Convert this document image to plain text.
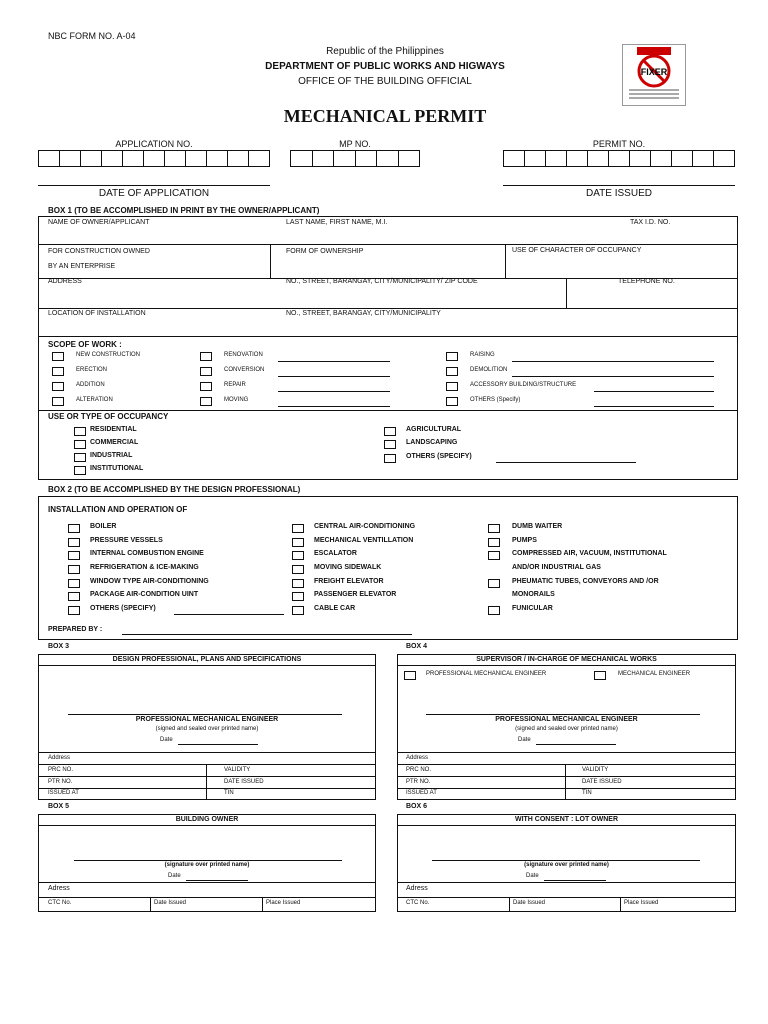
NBC FORM NO. A-04
Republic of the Philippines
DEPARTMENT OF PUBLIC WORKS AND HIGWAYS
OFFICE OF THE BUILDING OFFICIAL
MECHANICAL PERMIT
FIXER
APPLICATION NO.	MP NO.	PERMIT NO.
DATE OF APPLICATION	DATE ISSUED
BOX 1 (TO BE ACCOMPLISHED IN PRINT BY THE OWNER/APPLICANT)
NAME OF OWNER/APPLICANT	LAST NAME, FIRST NAME, M.I.	TAX I.D. NO.
FOR CONSTRUCTION OWNED
BY AN ENTERPRISE
FORM OF OWNERSHIP	USE OF CHARACTER OF OCCUPANCY
ADDRESS	NO., STREET, BARANGAY, CITY/MUNICIPALITY/ ZIP CODE	TELEPHONE NO.
LOCATION OF INSTALLATION	NO., STREET, BARANGAY, CITY/MUNICIPALITY
SCOPE OF WORK :
NEW CONSTRUCTION
ERECTION
ADDITION
ALTERATION
RENOVATION
CONVERSION
REPAIR
MOVING
RAISING
DEMOLITION
ACCESSORY BUILDING/STRUCTURE
OTHERS (Specify)
USE OR TYPE OF OCCUPANCY
RESIDENTIAL
COMMERCIAL
INDUSTRIAL
INSTITUTIONAL
AGRICULTURAL
LANDSCAPING
OTHERS (SPECIFY)
BOX 2 (TO BE ACCOMPLISHED BY THE DESIGN PROFESSIONAL)
INSTALLATION AND OPERATION OF
BOILER
PRESSURE VESSELS
INTERNAL COMBUSTION ENGINE
REFRIGERATION & ICE-MAKING
WINDOW TYPE AIR-CONDITIONING
PACKAGE AIR-CONDITION UINT
OTHERS (SPECIFY)
CENTRAL AIR-CONDITIONING
MECHANICAL VENTILLATION
ESCALATOR
MOVING SIDEWALK
FREIGHT ELEVATOR
PASSENGER ELEVATOR
CABLE CAR
DUMB WAITER
PUMPS
COMPRESSED AIR, VACUUM, INSTITUTIONAL
AND/OR INDUSTRIAL GAS
PHEUMATIC TUBES, CONVEYORS AND /OR
MONORAILS
FUNICULAR
PREPARED BY :
BOX 3
DESIGN PROFESSIONAL, PLANS AND SPECIFICATIONS
PROFESSIONAL MECHANICAL ENGINEER
(signed and sealed over printed name)
Date
Address
PRC NO.	VALIDITY
PTR NO.	DATE ISSUED
ISSUED AT	TIN
BOX 4
SUPERVISOR / IN-CHARGE OF MECHANICAL WORKS
PROFESSIONAL MECHANICAL ENGINEER	MECHANICAL ENGINEER
PROFESSIONAL MECHANICAL ENGINEER
(signed and sealed over printed name)
Date
Address
PRC NO.	VALIDITY
PTR NO.	DATE ISSUED
ISSUED AT	TIN
BOX 5
BUILDING OWNER
(signature over printed name)
Date
Adress
CTC No.	Date Issued	Place Issued
BOX 6
WITH CONSENT : LOT OWNER
(signature over printed name)
Date
Adress
CTC No.	Date Issued	Place Issued
